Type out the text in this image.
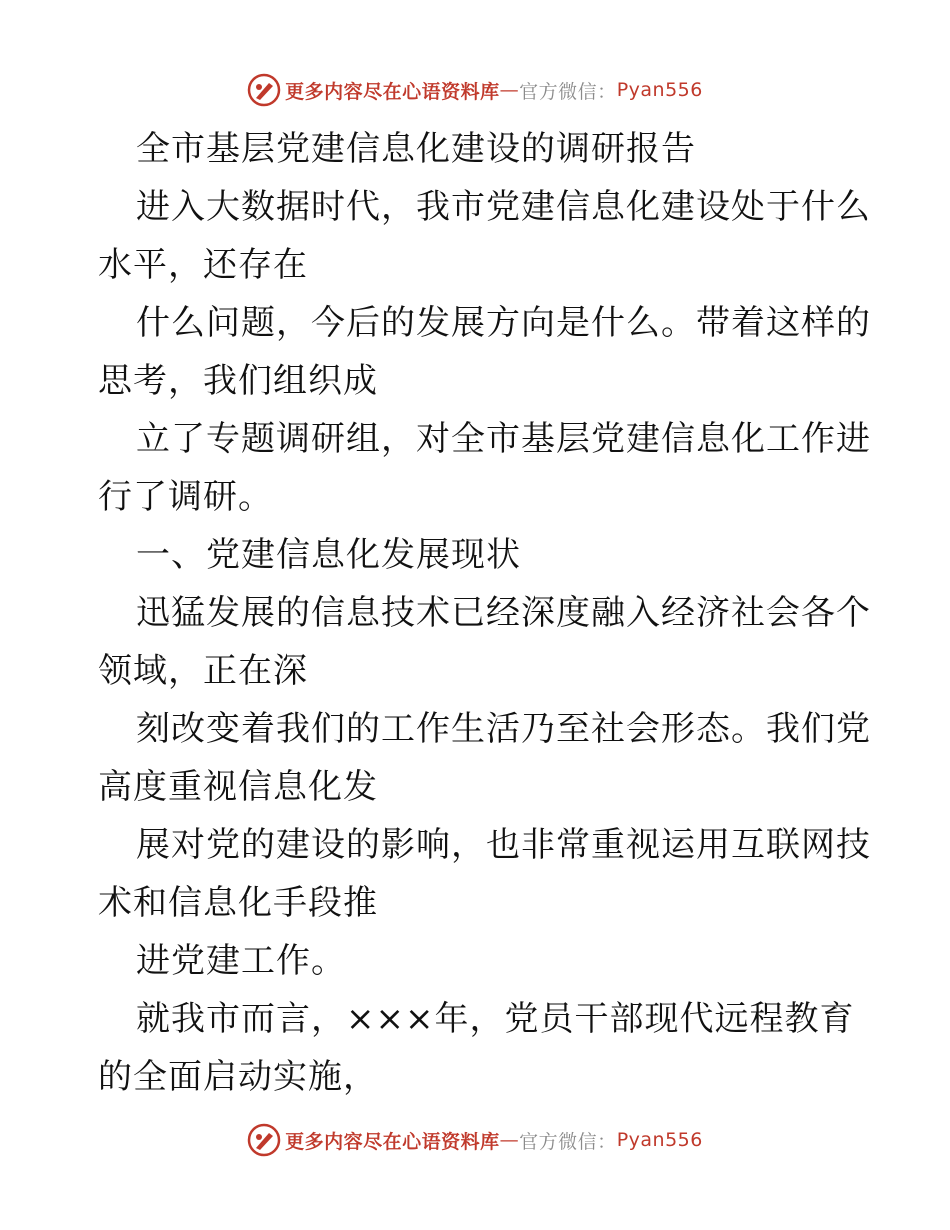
更多内容尽在心语资料库 — 官方微信： Pyan556
全市基层党建信息化建设的调研报告
进入大数据时代，我市党建信息化建设处于什么
水平，还存在
什么问题，今后的发展方向是什么。带着这样的
思考，我们组织成
立了专题调研组，对全市基层党建信息化工作进
行了调研。
一、党建信息化发展现状
迅猛发展的信息技术已经深度融入经济社会各个
领域，正在深
刻改变着我们的工作生活乃至社会形态。我们党
高度重视信息化发
展对党的建设的影响，也非常重视运用互联网技
术和信息化手段推
进党建工作。
就我市而言，×××年，党员干部现代远程教育
的全面启动实施，
更多内容尽在心语资料库 — 官方微信： Pyan556
